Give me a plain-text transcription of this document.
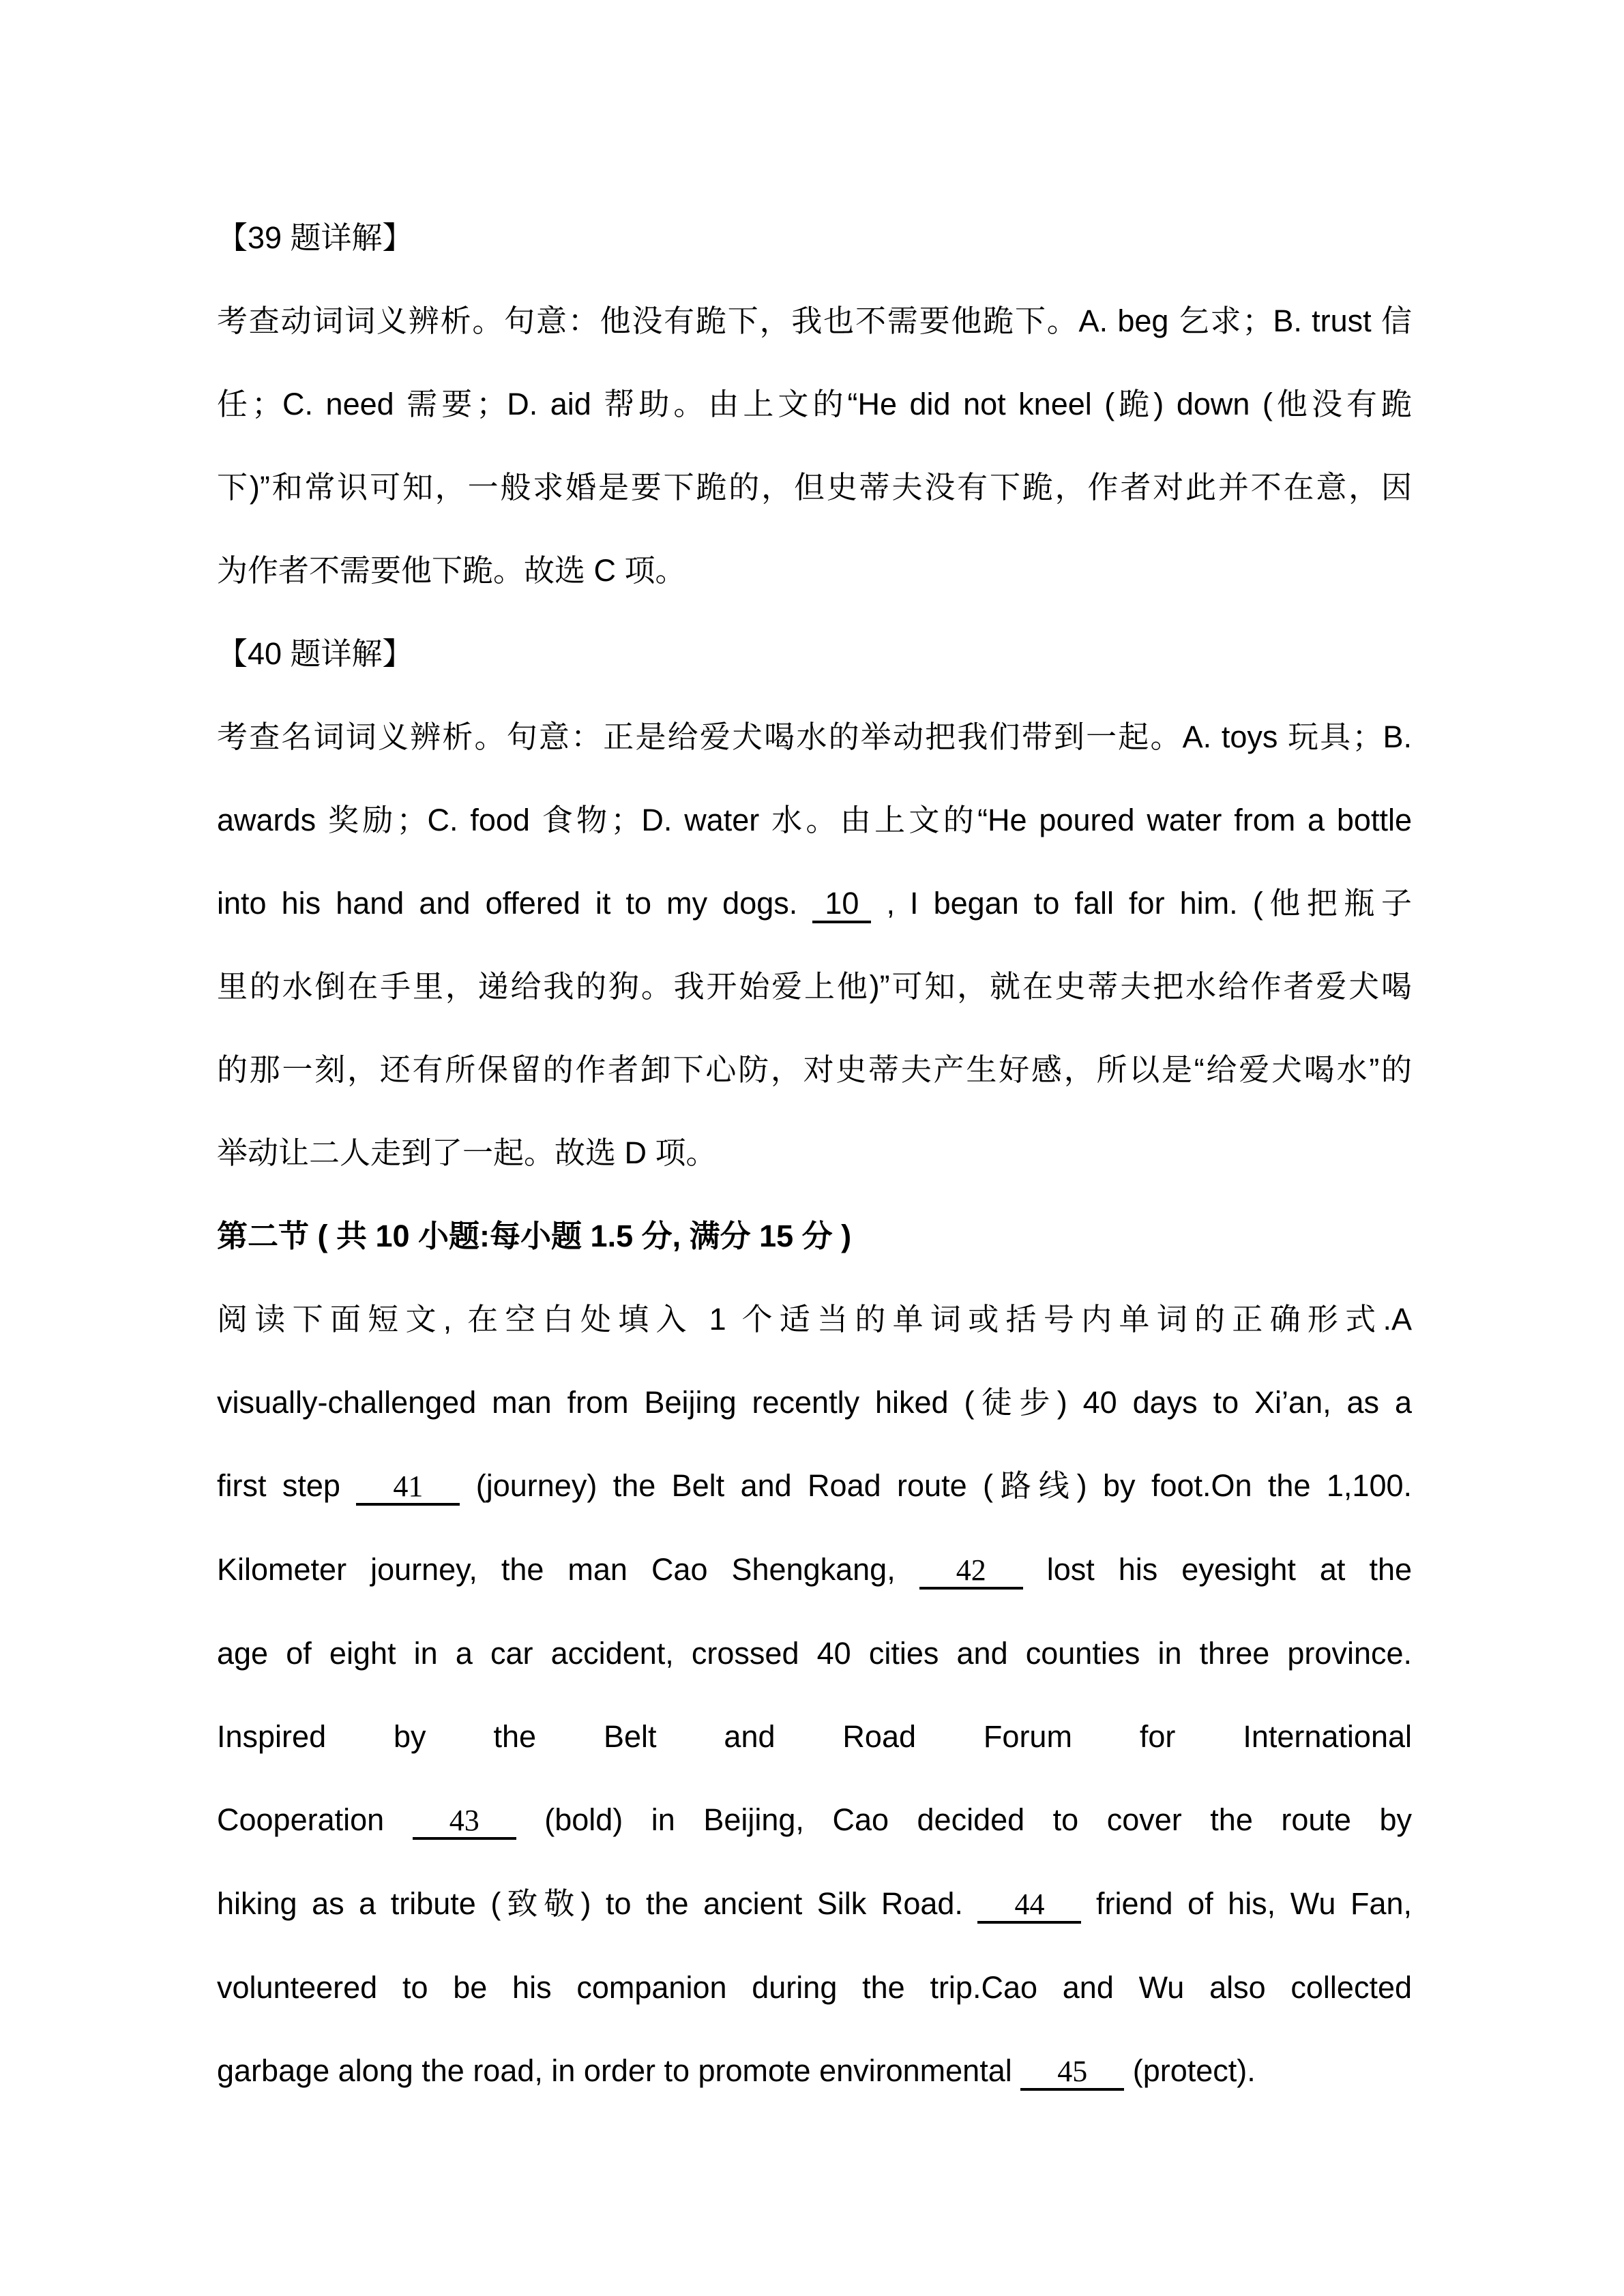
【39 题详解】
考查动词词义辨析。句意：他没有跪下，我也不需要他跪下。A. beg 乞求；B. trust 信
任；C. need 需要；D. aid 帮助。由上文的“He did not kneel (跪) down (他没有跪
下)”和常识可知，一般求婚是要下跪的，但史蒂夫没有下跪，作者对此并不在意，因
为作者不需要他下跪。故选 C 项。
【40 题详解】
考查名词词义辨析。句意：正是给爱犬喝水的举动把我们带到一起。A. toys 玩具；B.
awards 奖励；C. food 食物；D. water 水。由上文的“He poured water from a bottle
into his hand and offered it to my dogs. 10 , I began to fall for him. (他把瓶子
里的水倒在手里，递给我的狗。我开始爱上他)”可知，就在史蒂夫把水给作者爱犬喝
的那一刻，还有所保留的作者卸下心防，对史蒂夫产生好感，所以是“给爱犬喝水”的
举动让二人走到了一起。故选 D 项。
第二节 ( 共 10 小题:每小题 1.5 分, 满分 15 分 )
阅读下面短文, 在空白处填入 1 个适当的单词或括号内单词的正确形式.A
visually-challenged man from Beijing recently hiked (徒步) 40 days to Xi’an, as a
first step 41 (journey) the Belt and Road route (路线) by foot.On the 1,100.
Kilometer journey, the man Cao Shengkang, 42 lost his eyesight at the
age of eight in a car accident, crossed 40 cities and counties in three province.
Inspired by the Belt and Road Forum for International
Cooperation 43 (bold) in Beijing, Cao decided to cover the route by
hiking as a tribute (致敬) to the ancient Silk Road. 44 friend of his, Wu Fan,
volunteered to be his companion during the trip.Cao and Wu also collected
garbage along the road, in order to promote environmental 45 (protect).
